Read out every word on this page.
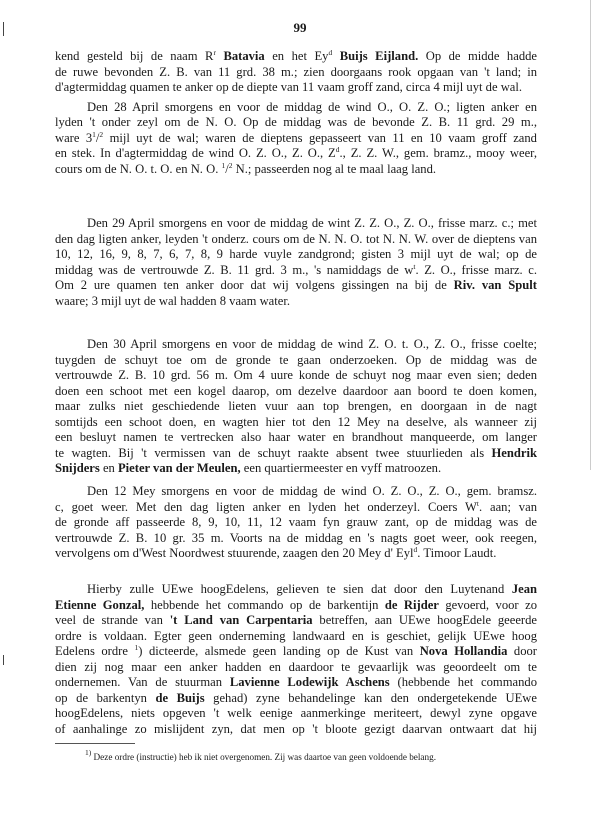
99
kend gesteld bij de naam $R^r$ Batavia en het Ey$^d$ Buijs Eijland. Op de midde hadde
de ruwe bevonden Z. B. van 11 grd. 38 m.; zien doorgaans rook opgaan van 't land; in
d'agtermiddag quamen te anker op de diepte van 11 vaam groff zand, circa 4 mijl uyt de wal.
Den 28 April smorgens en voor de middag de wind O., O. Z. O.; ligten anker en
lyden 't onder zeyl om de N. O. Op de middag was de bevonde Z. B. 11 grd. 29 m.,
ware $3^1/^2$ mijl uyt de wal; waren de dieptens gepasseert van 11 en 10 vaam groff zand
en stek. In d'agtermiddag de wind O. Z. O., Z. O., $Z^d$., Z. Z. W., gem. bramz., mooy weer,
cours om de N. O. t. O. en N. O. $^1$/$^2$ N.; passeerden nog al te maal laag land.
Den 29 April smorgens en voor de middag de wint Z. Z. O., Z. O., frisse marz. c.; met
den dag ligten anker, leyden 't onderz. cours om de N. N. O. tot N. N. W. over de dieptens van
10, 12, 16, 9, 8, 7, 6, 7, 8, 9 harde vuyle zandgrond; gisten 3 mijl uyt de wal; op de
middag was de vertrouwde Z. B. 11 grd. 3 m., 's namiddags de $w^t$. Z. O., frisse marz. c.
Om 2 ure quamen ten anker door dat wij volgens gissingen na bij de Riv. van Spult
waare; 3 mijl uyt de wal hadden 8 vaam water.
Den 30 April smorgens en voor de middag de wind Z. O. t. O., Z. O., frisse coelte;
tuygden de schuyt toe om de gronde te gaan onderzoeken. Op de middag was de
vertrouwde Z. B. 10 grd. 56 m. Om 4 uure konde de schuyt nog maar even sien; deden
doen een schoot met een kogel daarop, om dezelve daardoor aan boord te doen komen,
maar zulks niet geschiedende lieten vuur aan top brengen, en doorgaan in de nagt
somtijds een schoot doen, en wagten hier tot den 12 Mey na deselve, als wanneer zij
een besluyt namen te vertrecken also haar water en brandhout manqueerde, om langer
te wagten. Bij 't vermissen van de schuyt raakte absent twee stuurlieden als Hendrik
Snijders en Pieter van der Meulen, een quartiermeester en vyff matroozen.
Den 12 Mey smorgens en voor de middag de wind O. Z. O., Z. O., gem. bramsz.
c, goet weer. Met den dag ligten anker en lyden het onderzeyl. Coers $W^t$. aan; van
de gronde aff passeerde 8, 9, 10, 11, 12 vaam fyn grauw zant, op de middag was de
vertrouwde Z. B. 10 gr. 35 m. Voorts na de middag en 's nagts goet weer, ook reegen,
vervolgens om d'West Noordwest stuurende, zaagen den 20 Mey d' Eyl$^d$. Timoor Laudt.
Hierby zulle UEwe hoogEdelens, gelieven te sien dat door den Luytenand Jean
Etienne Gonzal, hebbende het commando op de barkentijn de Rijder gevoerd, voor zo
veel de strande van 't Land van Carpentaria betreffen, aan UEwe hoogEdele geeerde
ordre is voldaan. Egter geen onderneming landwaard en is geschiet, gelijk UEwe hoog
Edelens ordre $^1$) dicteerde, alsmede geen landing op de Kust van Nova Hollandia door
dien zij nog maar een anker hadden en daardoor te gevaarlijk was geoordeelt om te
ondernemen. Van de stuurman Lavienne Lodewijk Aschens (hebbende het commando
op de barkentyn de Buijs gehad) zyne behandelinge kan den ondergetekende UEwe
hoogEdelens, niets opgeven 't welk eenige aanmerkinge meriteert, dewyl zyne opgave
of aanhalinge zo mislijdent zyn, dat men op 't bloote gezigt daarvan ontwaart dat hij
$^{1)}$ Deze ordre (instructie) heb ik niet overgenomen. Zij was daartoe van geen voldoende belang.
